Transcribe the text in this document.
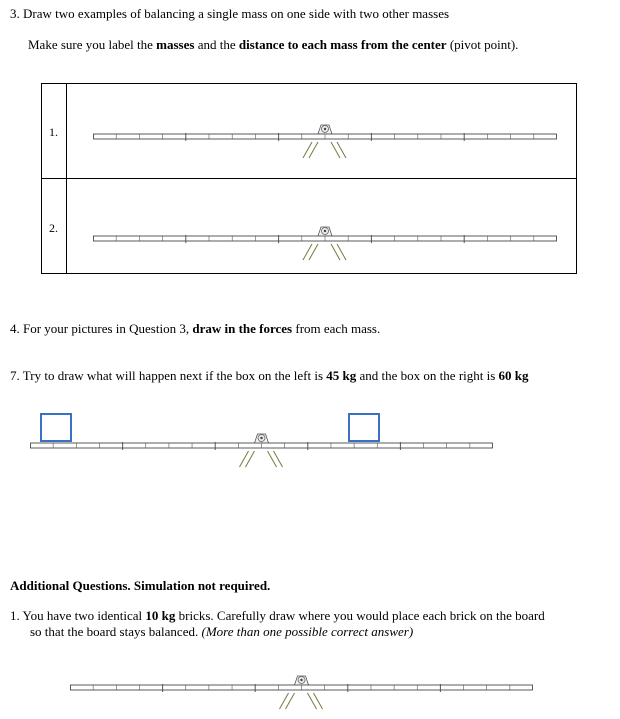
3. Draw two examples of balancing a single mass on one side with two other masses
Make sure you label the masses and the distance to each mass from the center (pivot point).
1.
2.
4. For your pictures in Question 3, draw in the forces from each mass.
7. Try to draw what will happen next if the box on the left is 45 kg and the box on the right is 60 kg
Additional Questions. Simulation not required.
1. You have two identical 10 kg bricks. Carefully draw where you would place each brick on the board
so that the board stays balanced. (More than one possible correct answer)
